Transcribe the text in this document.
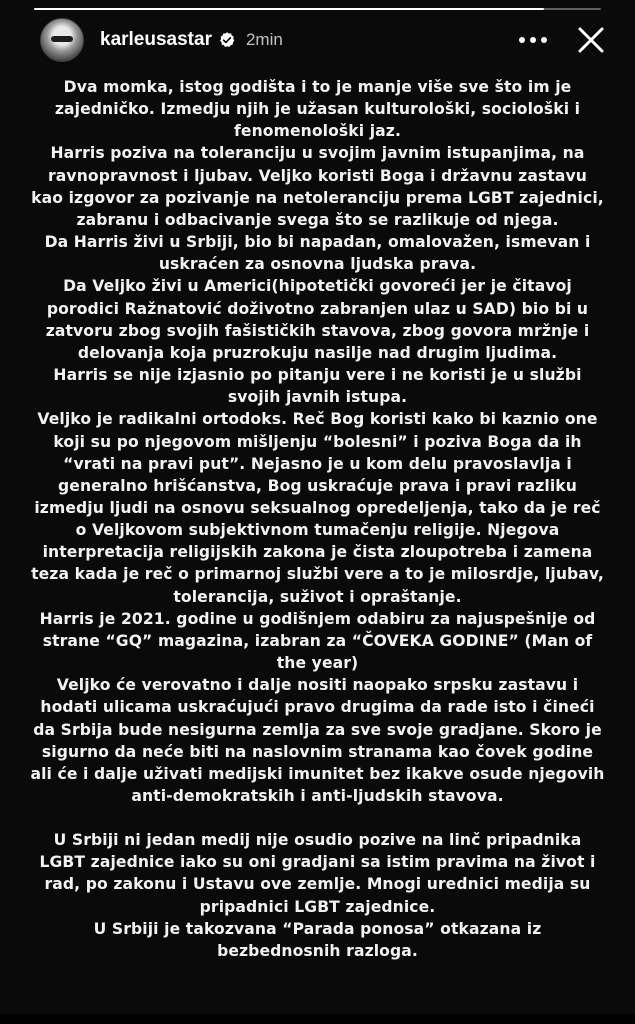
karleusastar 2min

Dva momka, istog godišta i to je manje više sve što im je zajedničko. Izmedju njih je užasan kulturološki, sociološki i fenomenološki jaz.

Harris poziva na toleranciju u svojim javnim istupanjima, na ravnopravnost i ljubav. Veljko koristi Boga i državnu zastavu kao izgovor za pozivanje na netoleranciju prema LGBT zajednici, zabranu i odbacivanje svega što se razlikuje od njega.

Da Harris živi u Srbiji, bio bi napadan, omalovažen, ismevan i uskraćen za osnovna ljudska prava.

Da Veljko živi u Americi(hipotetički govoreći jer je čitavoj porodici Ražnatović doživotno zabranjen ulaz u SAD) bio bi u zatvoru zbog svojih fašističkih stavova, zbog govora mržnje i delovanja koja pruzrokuju nasilje nad drugim ljudima.

Harris se nije izjasnio po pitanju vere i ne koristi je u službi svojih javnih istupa.

Veljko je radikalni ortodoks. Reč Bog koristi kako bi kaznio one koji su po njegovom mišljenju “bolesni” i poziva Boga da ih “vrati na pravi put”. Nejasno je u kom delu pravoslavlja i generalno hrišćanstva, Bog uskraćuje prava i pravi razliku izmedju ljudi na osnovu seksualnog opredeljenja, tako da je reč o Veljkovom subjektivnom tumačenju religije. Njegova interpretacija religijskih zakona je čista zloupotreba i zamena teza kada je reč o primarnoj službi vere a to je milosrdje, ljubav, tolerancija, suživot i opraštanje.

Harris je 2021. godine u godišnjem odabiru za najuspešnije od strane “GQ” magazina, izabran za “ČOVEKA GODINE” (Man of the year)

Veljko će verovatno i dalje nositi naopako srpsku zastavu i hodati ulicama uskraćujući pravo drugima da rade isto i čineći da Srbija bude nesigurna zemlja za sve svoje gradjane. Skoro je sigurno da neće biti na naslovnim stranama kao čovek godine ali će i dalje uživati medijski imunitet bez ikakve osude njegovih anti-demokratskih i anti-ljudskih stavova.

U Srbiji ni jedan medij nije osudio pozive na linč pripadnika LGBT zajednice iako su oni gradjani sa istim pravima na život i rad, po zakonu i Ustavu ove zemlje. Mnogi urednici medija su pripadnici LGBT zajednice.

U Srbiji je takozvana “Parada ponosa” otkazana iz bezbednosnih razloga.
